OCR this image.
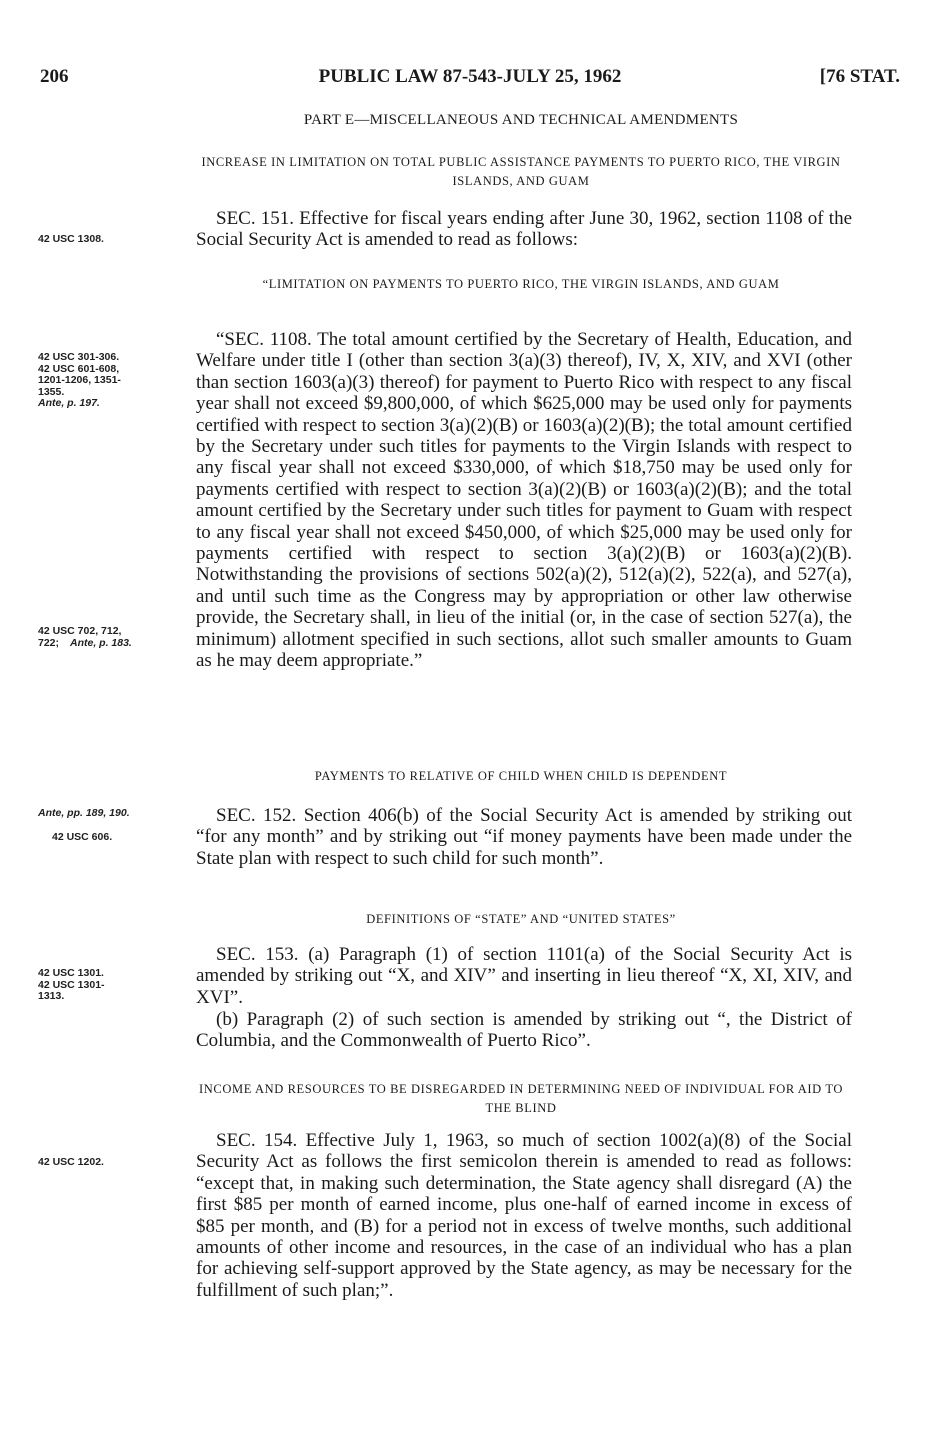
206	PUBLIC LAW 87-543-JULY 25, 1962	[76 STAT.
PART E—MISCELLANEOUS AND TECHNICAL AMENDMENTS
INCREASE IN LIMITATION ON TOTAL PUBLIC ASSISTANCE PAYMENTS TO PUERTO RICO, THE VIRGIN ISLANDS, AND GUAM
42 USC 1308.

SEC. 151. Effective for fiscal years ending after June 30, 1962, section 1108 of the Social Security Act is amended to read as follows:

“LIMITATION ON PAYMENTS TO PUERTO RICO, THE VIRGIN ISLANDS, AND GUAM
42 USC 301-306.
42 USC 601-608,
1201-1206, 1351-
1355.
Ante, p. 197.

“SEC. 1108. The total amount certified by the Secretary of Health, Education, and Welfare under title I (other than section 3(a)(3) thereof), IV, X, XIV, and XVI (other than section 1603(a)(3) thereof) for payment to Puerto Rico with respect to any fiscal year shall not exceed $9,800,000, of which $625,000 may be used only for payments certified with respect to section 3(a)(2)(B) or 1603(a)(2)(B); the total amount certified by the Secretary under such titles for payments to the Virgin Islands with respect to any fiscal year shall not exceed $330,000, of which $18,750 may be used only for payments certified with respect to section 3(a)(2)(B) or 1603(a)(2)(B); and the total amount certified by the Secretary under such titles for payment to Guam with respect to any fiscal year shall not exceed $450,000, of which $25,000 may be used only for payments certified with respect to section 3(a)(2)(B) or 1603(a)(2)(B). Notwithstanding the provisions of sections 502(a)(2), 512(a)(2), 522(a), and 527(a), and until such time as the Congress may by appropriation or other law otherwise provide, the Secretary shall, in lieu of the initial (or, in the case of section 527(a), the minimum) allotment specified in such sections, allot such smaller amounts to Guam as he may deem appropriate.”

42 USC 702, 712,
722;	Ante, p. 183.
PAYMENTS TO RELATIVE OF CHILD WHEN CHILD IS DEPENDENT
Ante, pp. 189, 190.
42 USC 606.

SEC. 152. Section 406(b) of the Social Security Act is amended by striking out “for any month” and by striking out “if money payments have been made under the State plan with respect to such child for such month”.

DEFINITIONS OF “STATE” AND “UNITED STATES”
42 USC 1301.
42 USC 1301-
1313.

SEC. 153. (a) Paragraph (1) of section 1101(a) of the Social Security Act is amended by striking out “X, and XIV” and inserting in lieu thereof “X, XI, XIV, and XVI”.

(b) Paragraph (2) of such section is amended by striking out “, the District of Columbia, and the Commonwealth of Puerto Rico”.

INCOME AND RESOURCES TO BE DISREGARDED IN DETERMINING NEED OF INDIVIDUAL FOR AID TO THE BLIND
42 USC 1202.

SEC. 154. Effective July 1, 1963, so much of section 1002(a)(8) of the Social Security Act as follows the first semicolon therein is amended to read as follows: “except that, in making such determination, the State agency shall disregard (A) the first $85 per month of earned income, plus one-half of earned income in excess of $85 per month, and (B) for a period not in excess of twelve months, such additional amounts of other income and resources, in the case of an individual who has a plan for achieving self-support approved by the State agency, as may be necessary for the fulfillment of such plan;”.
